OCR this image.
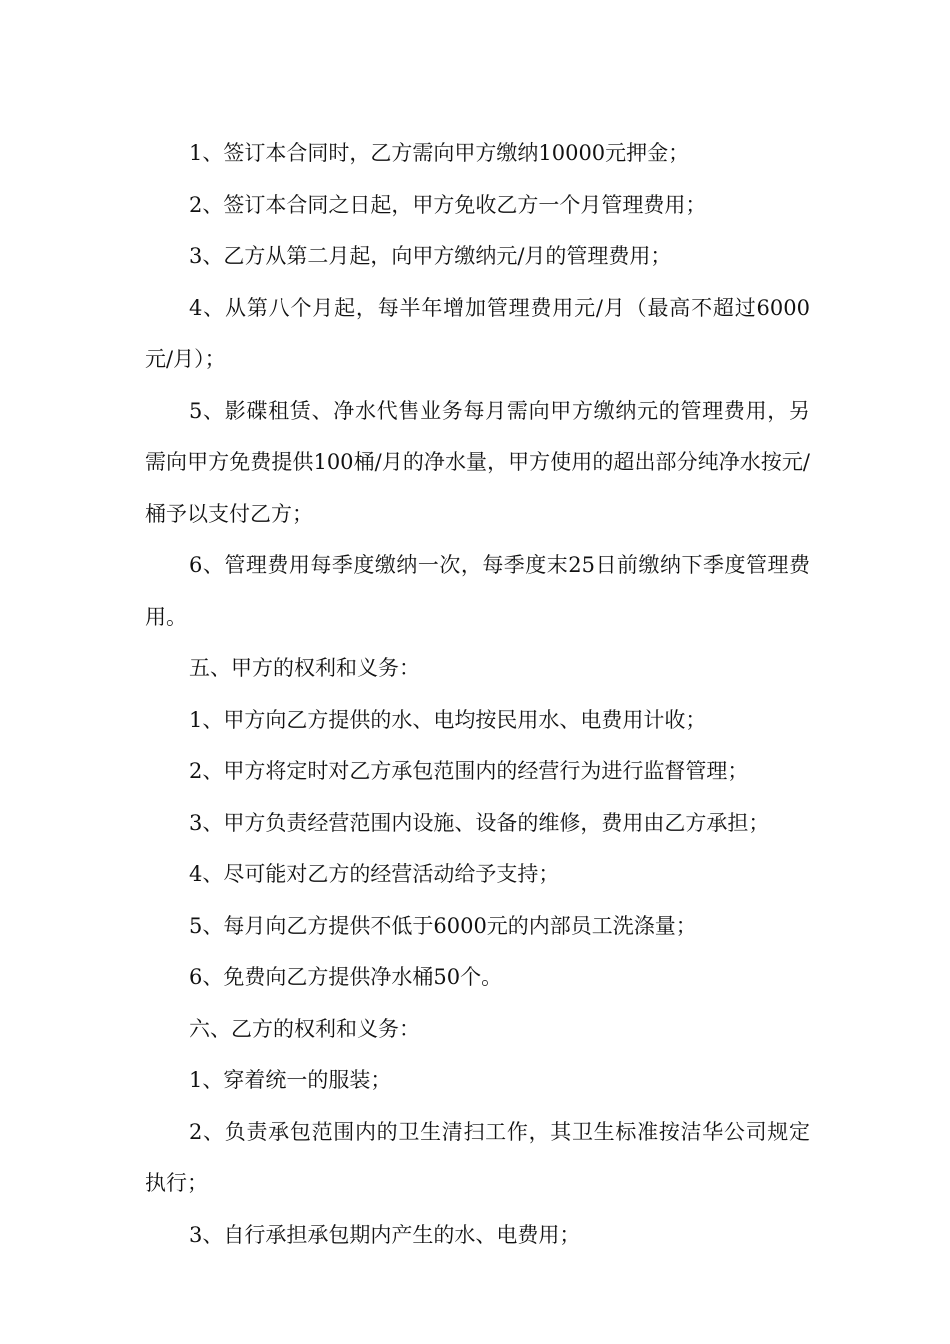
1、签订本合同时，乙方需向甲方缴纳10000元押金；

2、签订本合同之日起，甲方免收乙方一个月管理费用；

3、乙方从第二月起，向甲方缴纳元/月的管理费用；

4、从第八个月起，每半年增加管理费用元/月（最高不超过6000元/月）；

5、影碟租赁、净水代售业务每月需向甲方缴纳元的管理费用，另需向甲方免费提供100桶/月的净水量，甲方使用的超出部分纯净水按元/桶予以支付乙方；

6、管理费用每季度缴纳一次，每季度末25日前缴纳下季度管理费用。

五、甲方的权利和义务：

1、甲方向乙方提供的水、电均按民用水、电费用计收；

2、甲方将定时对乙方承包范围内的经营行为进行监督管理；

3、甲方负责经营范围内设施、设备的维修，费用由乙方承担；

4、尽可能对乙方的经营活动给予支持；

5、每月向乙方提供不低于6000元的内部员工洗涤量；

6、免费向乙方提供净水桶50个。

六、乙方的权利和义务：

1、穿着统一的服装；

2、负责承包范围内的卫生清扫工作，其卫生标准按洁华公司规定执行；

3、自行承担承包期内产生的水、电费用；
